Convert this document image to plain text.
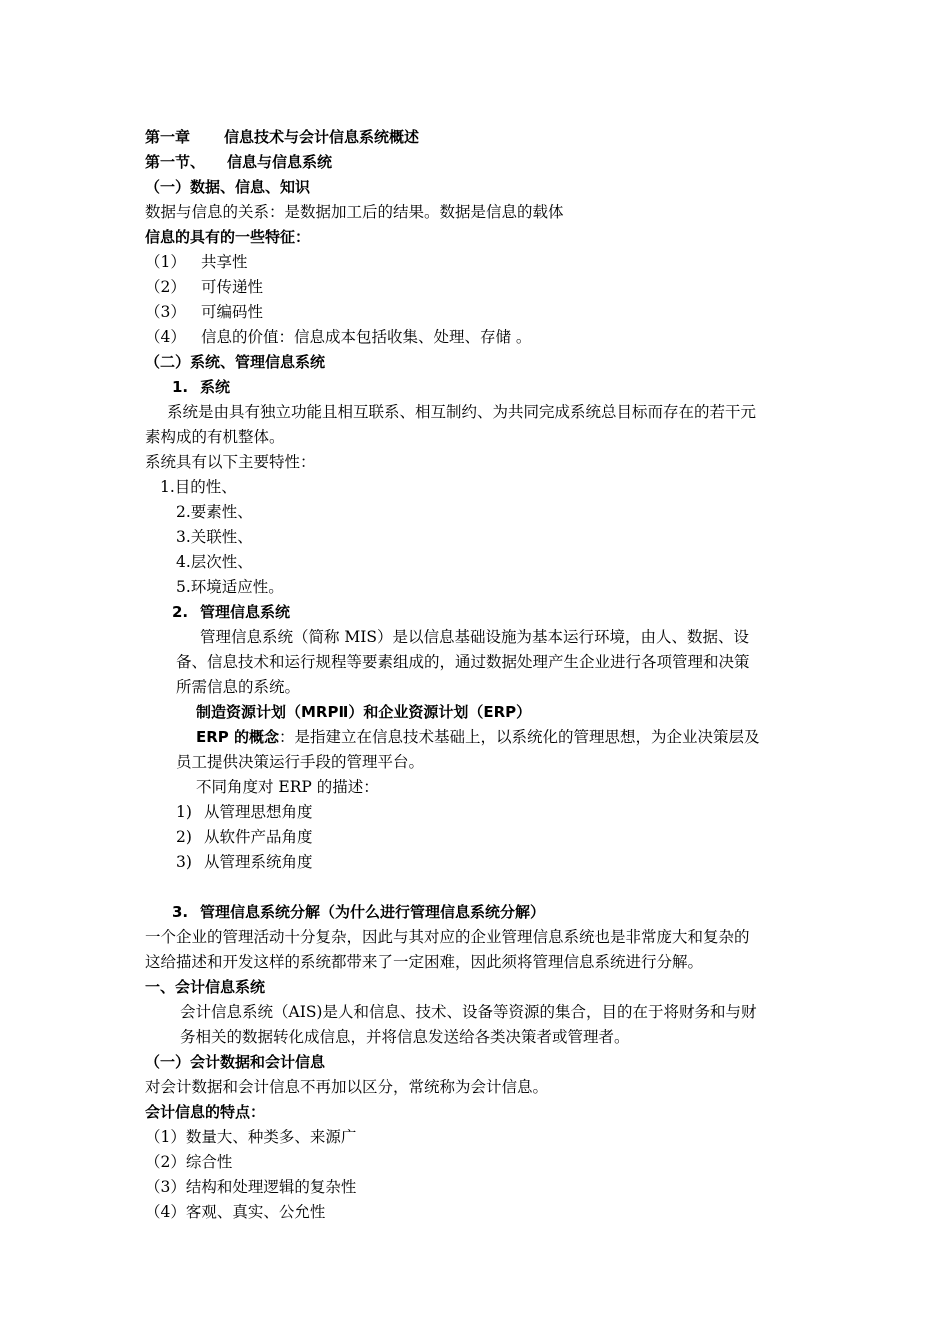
第一章 信息技术与会计信息系统概述
第一节、 信息与信息系统
（一）数据、信息、知识
数据与信息的关系：是数据加工后的结果。数据是信息的载体
信息的具有的一些特征：
（1） 共享性
（2） 可传递性
（3） 可编码性
（4） 信息的价值：信息成本包括收集、处理、存储 。
（二）系统、管理信息系统
1. 系统
系统是由具有独立功能且相互联系、相互制约、为共同完成系统总目标而存在的若干元
素构成的有机整体。
系统具有以下主要特性：
1.目的性、
2.要素性、
3.关联性、
4.层次性、
5.环境适应性。
2. 管理信息系统
管理信息系统（简称 MIS）是以信息基础设施为基本运行环境，由人、数据、设
备、信息技术和运行规程等要素组成的，通过数据处理产生企业进行各项管理和决策
所需信息的系统。
制造资源计划（MRPⅡ）和企业资源计划（ERP）
ERP 的概念：是指建立在信息技术基础上，以系统化的管理思想，为企业决策层及
员工提供决策运行手段的管理平台。
不同角度对 ERP 的描述：
1) 从管理思想角度
2) 从软件产品角度
3) 从管理系统角度
3. 管理信息系统分解（为什么进行管理信息系统分解）
一个企业的管理活动十分复杂，因此与其对应的企业管理信息系统也是非常庞大和复杂的
这给描述和开发这样的系统都带来了一定困难，因此须将管理信息系统进行分解。
一、会计信息系统
会计信息系统（AIS)是人和信息、技术、设备等资源的集合，目的在于将财务和与财
务相关的数据转化成信息，并将信息发送给各类决策者或管理者。
（一）会计数据和会计信息
对会计数据和会计信息不再加以区分，常统称为会计信息。
会计信息的特点：
（1）数量大、种类多、来源广
（2）综合性
（3）结构和处理逻辑的复杂性
（4）客观、真实、公允性
